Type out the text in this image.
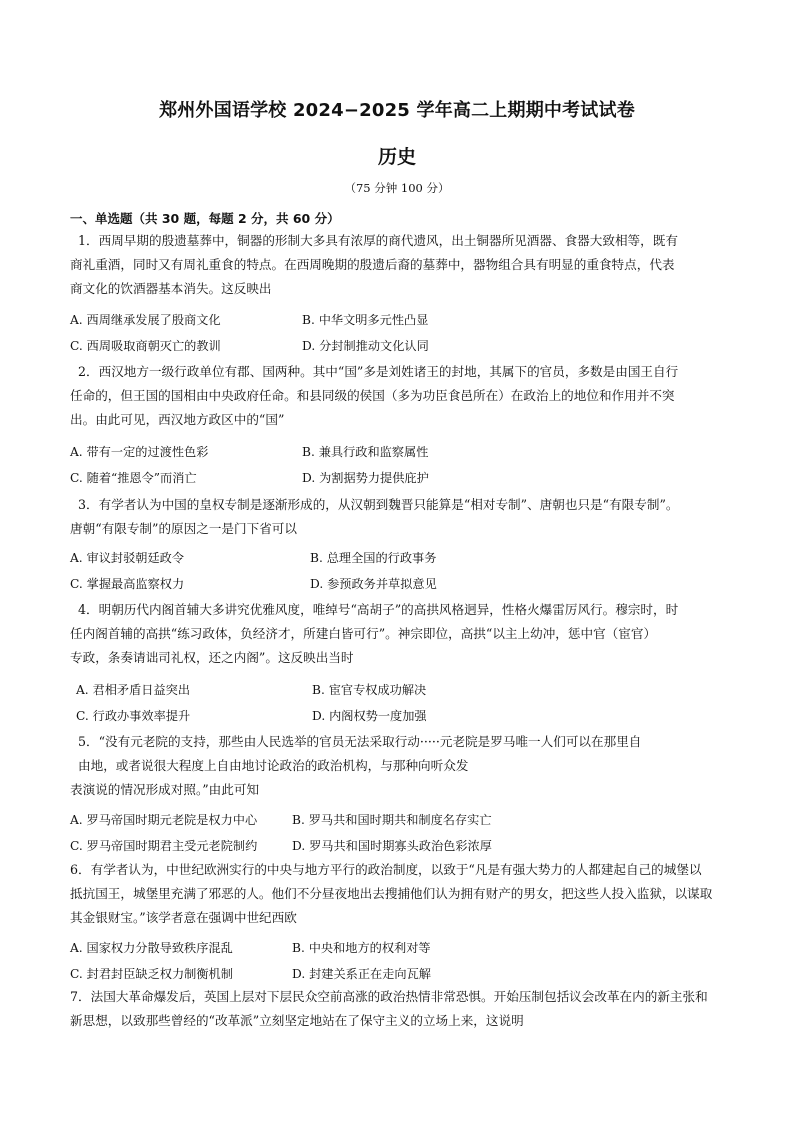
郑州外国语学校 2024−2025 学年高二上期期中考试试卷
历史
（75 分钟 100 分）
一、单选题（共 30 题，每题 2 分，共 60 分）
1．西周早期的殷遗墓葬中，铜器的形制大多具有浓厚的商代遗风，出土铜器所见酒器、食器大致相等，既有
商礼重酒，同时又有周礼重食的特点。在西周晚期的殷遗后裔的墓葬中，器物组合具有明显的重食特点，代表
商文化的饮酒器基本消失。这反映出
A. 西周继承发展了殷商文化	B. 中华文明多元性凸显
C. 西周吸取商朝灭亡的教训	D. 分封制推动文化认同
2．西汉地方一级行政单位有郡、国两种。其中“国”多是刘姓诸王的封地，其属下的官员，多数是由国王自行
任命的，但王国的国相由中央政府任命。和县同级的侯国（多为功臣食邑所在）在政治上的地位和作用并不突
出。由此可见，西汉地方政区中的“国”
A. 带有一定的过渡性色彩	B. 兼具行政和监察属性
C. 随着“推恩令”而消亡	D. 为割据势力提供庇护
3．有学者认为中国的皇权专制是逐渐形成的，从汉朝到魏晋只能算是“相对专制”、唐朝也只是“有限专制”。
唐朝“有限专制”的原因之一是门下省可以
A. 审议封驳朝廷政令	B. 总理全国的行政事务
C. 掌握最高监察权力	D. 参预政务并草拟意见
4．明朝历代内阁首辅大多讲究优雅风度，唯绰号“高胡子”的高拱风格迥异，性格火爆雷厉风行。穆宗时，时
任内阁首辅的高拱“练习政体，负经济才，所建白皆可行”。神宗即位，高拱“以主上幼冲，惩中官（宦官）
专政，条奏请诎司礼权，还之内阁”。这反映出当时
A. 君相矛盾日益突出	B. 宦官专权成功解决
C. 行政办事效率提升	D. 内阁权势一度加强
5．“没有元老院的支持，那些由人民选举的官员无法采取行动·····元老院是罗马唯一人们可以在那里自
由地，或者说很大程度上自由地讨论政治的政治机构，与那种向听众发
表演说的情况形成对照。”由此可知
A. 罗马帝国时期元老院是权力中心	B. 罗马共和国时期共和制度名存实亡
C. 罗马帝国时期君主受元老院制约	D. 罗马共和国时期寡头政治色彩浓厚
6．有学者认为，中世纪欧洲实行的中央与地方平行的政治制度，以致于“凡是有强大势力的人都建起自己的城堡以
抵抗国王，城堡里充满了邪恶的人。他们不分昼夜地出去搜捕他们认为拥有财产的男女，把这些人投入监狱，以谋取
其金银财宝。”该学者意在强调中世纪西欧
A. 国家权力分散导致秩序混乱	B. 中央和地方的权利对等
C. 封君封臣缺乏权力制衡机制	D. 封建关系正在走向瓦解
7．法国大革命爆发后，英国上层对下层民众空前高涨的政治热情非常恐惧。开始压制包括议会改革在内的新主张和
新思想，以致那些曾经的“改革派”立刻坚定地站在了保守主义的立场上来，这说明
